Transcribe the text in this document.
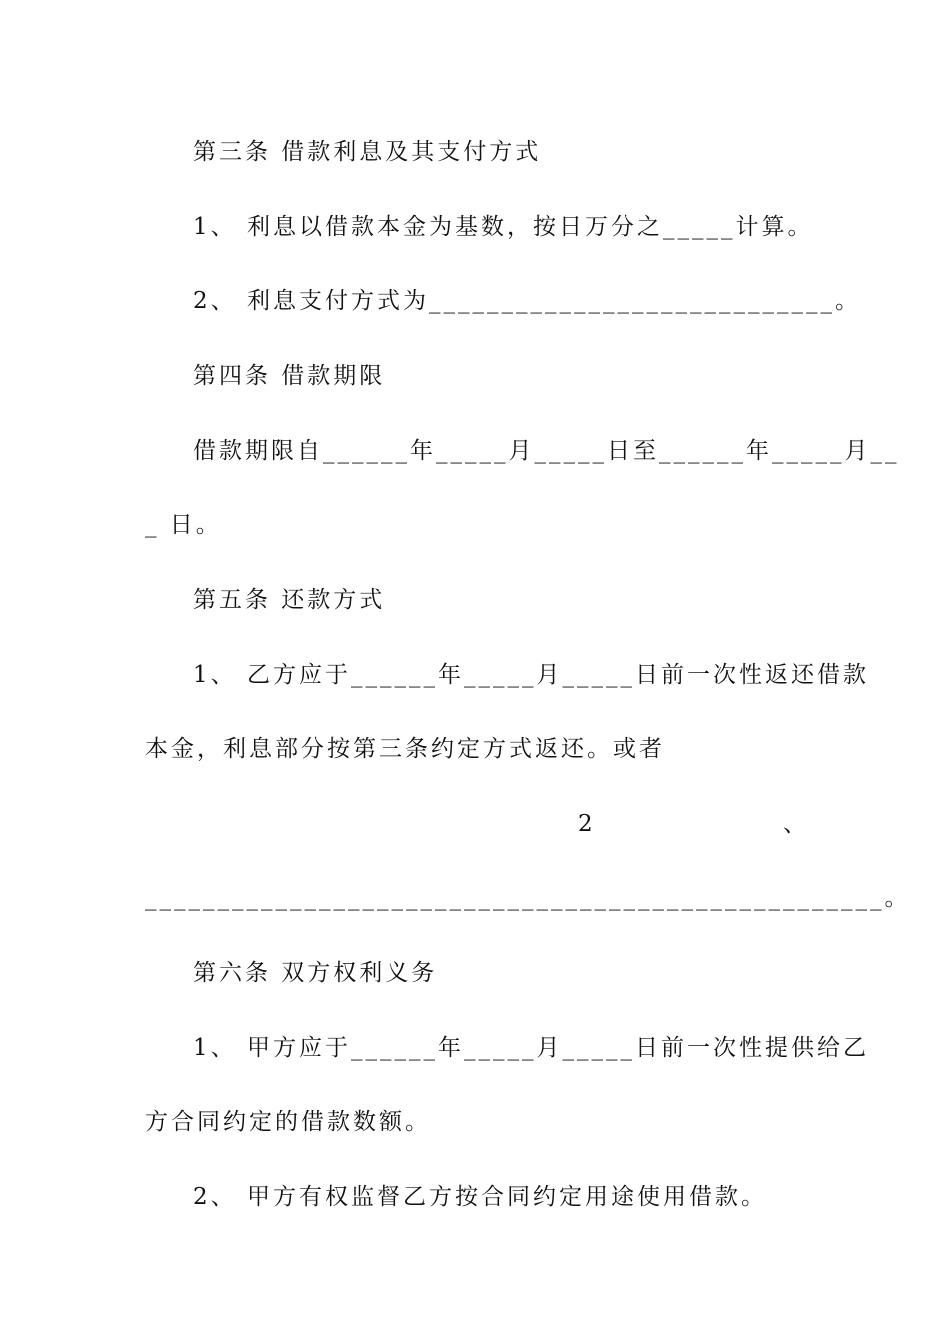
第三条 借款利息及其支付方式
1、 利息以借款本金为基数，按日万分之_____计算。
2、 利息支付方式为____________________________。
第四条 借款期限
借款期限自______年_____月_____日至______年_____月__
_ 日。
第五条 还款方式
1、 乙方应于______年_____月_____日前一次性返还借款
本金，利息部分按第三条约定方式返还。或者
2	、
___________________________________________________。
第六条 双方权利义务
1、 甲方应于______年_____月_____日前一次性提供给乙
方合同约定的借款数额。
2、 甲方有权监督乙方按合同约定用途使用借款。
